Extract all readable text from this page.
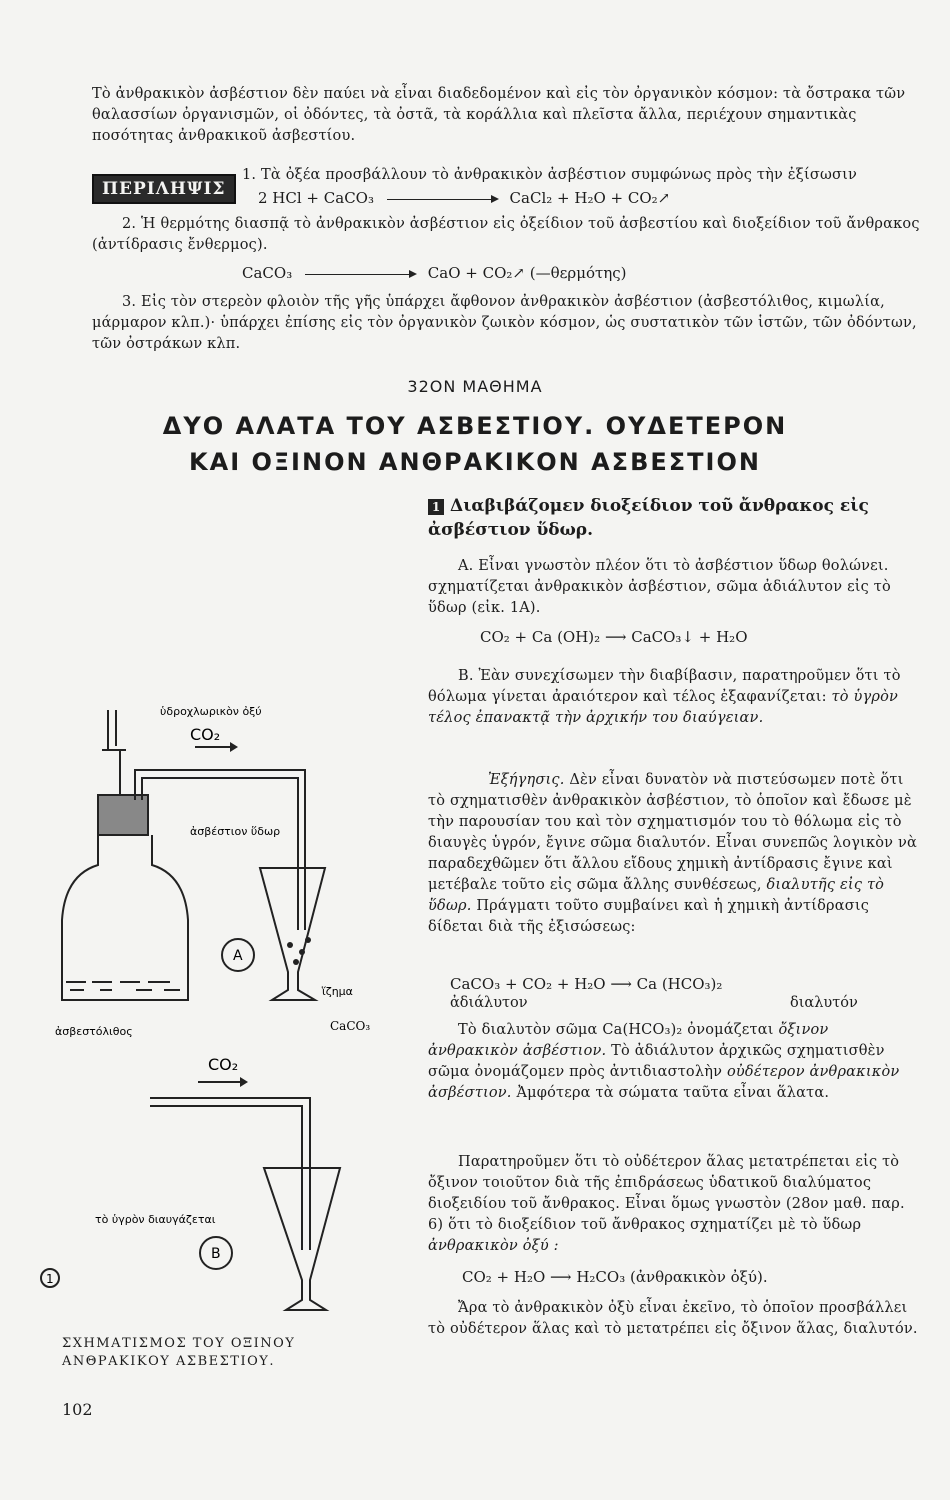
Τὸ ἀνθρακικὸν ἀσβέστιον δὲν παύει νὰ εἶναι διαδεδομένον καὶ εἰς τὸν ὀργανικὸν κόσμον: τὰ ὄστρακα τῶν θαλασσίων ὀργανισμῶν, οἱ ὀδόντες, τὰ ὀστᾶ, τὰ κοράλλια καὶ πλεῖστα ἄλλα, περιέχουν σημαντικὰς ποσότητας ἀνθρακικοῦ ἀσβεστίου.
ΠΕΡΙΛΗΨΙΣ
1. Τὰ ὀξέα προσβάλλουν τὸ ἀνθρακικὸν ἀσβέστιον συμφώνως πρὸς τὴν ἐξίσωσιν
2 HCl + CaCO₃	CaCl₂ + H₂O + CO₂↗
2. Ἡ θερμότης διασπᾷ τὸ ἀνθρακικὸν ἀσβέστιον εἰς ὀξείδιον τοῦ ἀσβεστίου καὶ διοξείδιον τοῦ ἄνθρακος (ἀντίδρασις ἔνθερμος).
CaCO₃	CaO + CO₂↗ (—θερμότης)
3. Εἰς τὸν στερεὸν φλοιὸν τῆς γῆς ὑπάρχει ἄφθονον ἀνθρακικὸν ἀσβέστιον (ἀσβεστόλιθος, κιμωλία, μάρμαρον κλπ.)· ὑπάρχει ἐπίσης εἰς τὸν ὀργανικὸν ζωικὸν κόσμον, ὡς συστατικὸν τῶν ἱστῶν, τῶν ὀδόντων, τῶν ὀστράκων κλπ.
32ΟΝ ΜΑΘΗΜΑ
ΔΥΟ ΑΛΑΤΑ ΤΟΥ ΑΣΒΕΣΤΙΟΥ. ΟΥΔΕΤΕΡΟΝ
ΚΑΙ ΟΞΙΝΟΝ ΑΝΘΡΑΚΙΚΟΝ ΑΣΒΕΣΤΙΟΝ
1 Διαβιβάζομεν διοξείδιον τοῦ ἄνθρακος εἰς ἀσβέστιον ὕδωρ.
Α. Εἶναι γνωστὸν πλέον ὅτι τὸ ἀσβέστιον ὕδωρ θολώνει. σχηματίζεται ἀνθρακικὸν ἀσβέστιον, σῶμα ἀδιάλυτον εἰς τὸ ὕδωρ (εἰκ. 1Α).
CO₂ + Ca (OH)₂ ⟶ CaCO₃↓ + H₂O
Β. Ἐὰν συνεχίσωμεν τὴν διαβίβασιν, παρατηροῦμεν ὅτι τὸ θόλωμα γίνεται ἀραιότερον καὶ τέλος ἐξαφανίζεται: τὸ ὑγρὸν τέλος ἐπανακτᾷ τὴν ἀρχικήν του διαύγειαν.
Ἐξήγησις. Δὲν εἶναι δυνατὸν νὰ πιστεύσωμεν ποτὲ ὅτι τὸ σχηματισθὲν ἀνθρακικὸν ἀσβέστιον, τὸ ὁποῖον καὶ ἔδωσε μὲ τὴν παρουσίαν του καὶ τὸν σχηματισμόν του τὸ θόλωμα εἰς τὸ διαυγὲς ὑγρόν, ἔγινε σῶμα διαλυτόν. Εἶναι συνεπῶς λογικὸν νὰ παραδεχθῶμεν ὅτι ἄλλου εἴδους χημικὴ ἀντίδρασις ἔγινε καὶ μετέβαλε τοῦτο εἰς σῶμα ἄλλης συνθέσεως, διαλυτῆς εἰς τὸ ὕδωρ. Πράγματι τοῦτο συμβαίνει καὶ ἡ χημικὴ ἀντίδρασις δίδεται διὰ τῆς ἐξισώσεως:
CaCO₃ + CO₂ + H₂O ⟶ Ca (HCO₃)₂
ἀδιάλυτον	διαλυτόν
Τὸ διαλυτὸν σῶμα Ca(HCO₃)₂ ὀνομάζεται ὄξινον ἀνθρακικὸν ἀσβέστιον. Τὸ ἀδιάλυτον ἀρχικῶς σχηματισθὲν σῶμα ὀνομάζομεν πρὸς ἀντιδιαστολὴν οὐδέτερον ἀνθρακικὸν ἀσβέστιον. Ἀμφότερα τὰ σώματα ταῦτα εἶναι ἅλατα.
Παρατηροῦμεν ὅτι τὸ οὐδέτερον ἅλας μετατρέπεται εἰς τὸ ὄξινον τοιοῦτον διὰ τῆς ἐπιδράσεως ὑδατικοῦ διαλύματος διοξειδίου τοῦ ἄνθρακος. Εἶναι ὅμως γνωστὸν (28ον μαθ. παρ. 6) ὅτι τὸ διοξείδιον τοῦ ἄνθρακος σχηματίζει μὲ τὸ ὕδωρ ἀνθρακικὸν ὀξύ :
CO₂ + H₂O ⟶ H₂CO₃ (ἀνθρακικὸν ὀξύ).
Ἄρα τὸ ἀνθρακικὸν ὀξὺ εἶναι ἐκεῖνο, τὸ ὁποῖον προσβάλλει τὸ οὐδέτερον ἅλας καὶ τὸ μετατρέπει εἰς ὄξινον ἅλας, διαλυτόν.
ὑδροχλωρικὸν ὀξύ
CO₂
ἀσβέστιον ὕδωρ
A
ἀσβεστόλιθος
ἵζημα
CaCO₃
CO₂
τὸ ὑγρὸν διαυγάζεται
B
1
ΣΧΗΜΑΤΙΣΜΟΣ ΤΟΥ ΟΞΙΝΟΥ ΑΝΘΡΑΚΙΚΟΥ ΑΣΒΕΣΤΙΟΥ.
102
